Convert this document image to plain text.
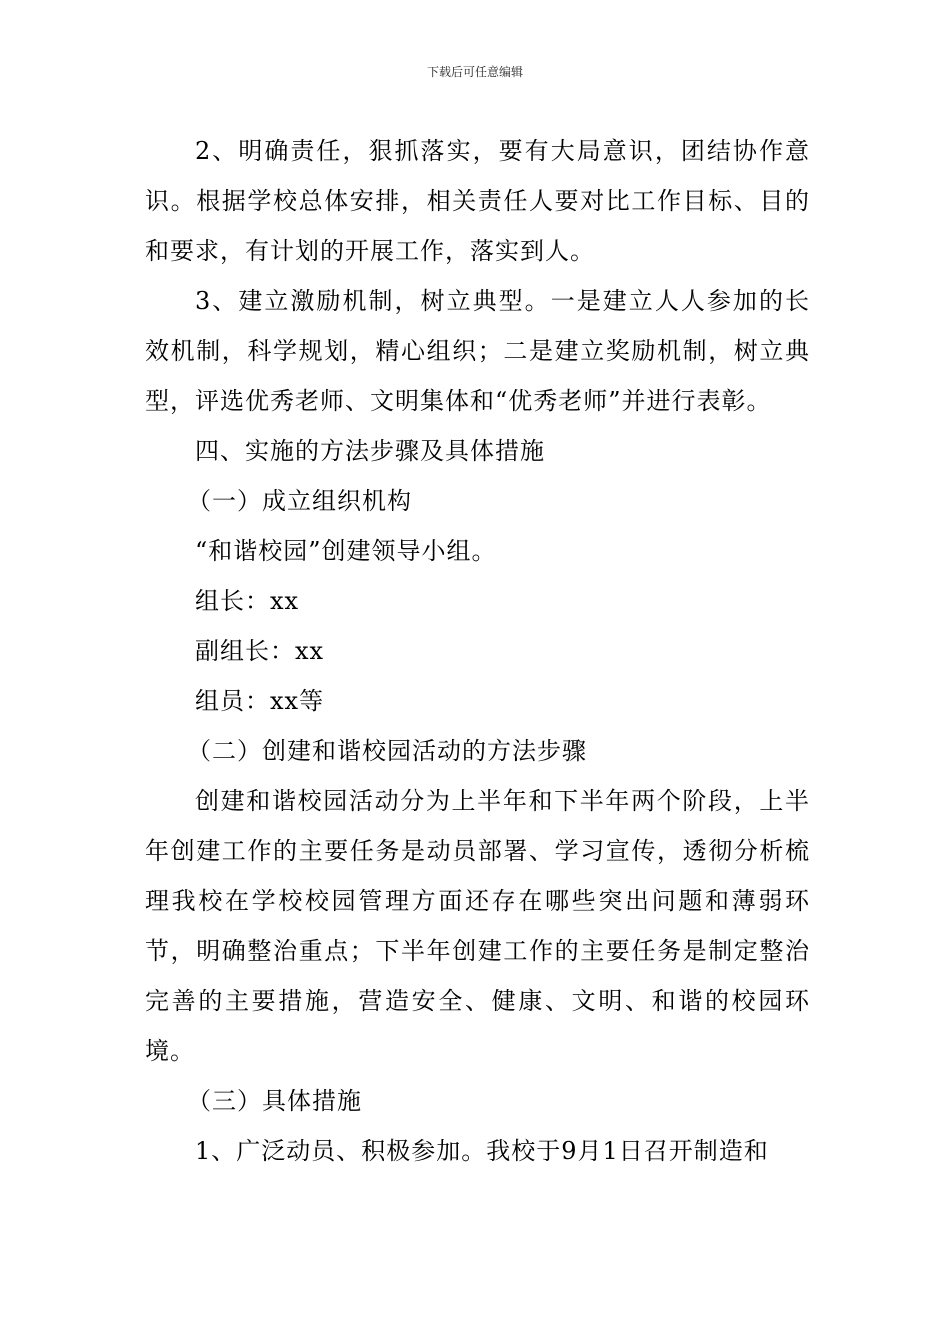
下载后可任意编辑

2、明确责任，狠抓落实，要有大局意识，团结协作意识。根据学校总体安排，相关责任人要对比工作目标、目的和要求，有计划的开展工作，落实到人。

3、建立激励机制，树立典型。一是建立人人参加的长效机制，科学规划，精心组织；二是建立奖励机制，树立典型，评选优秀老师、文明集体和“优秀老师”并进行表彰。

四、实施的方法步骤及具体措施

（一）成立组织机构

“和谐校园”创建领导小组。

组长：xx

副组长：xx

组员：xx等

（二）创建和谐校园活动的方法步骤

创建和谐校园活动分为上半年和下半年两个阶段，上半年创建工作的主要任务是动员部署、学习宣传，透彻分析梳理我校在学校校园管理方面还存在哪些突出问题和薄弱环节，明确整治重点；下半年创建工作的主要任务是制定整治完善的主要措施，营造安全、健康、文明、和谐的校园环境。

（三）具体措施

1、广泛动员、积极参加。我校于9月1日召开制造和
